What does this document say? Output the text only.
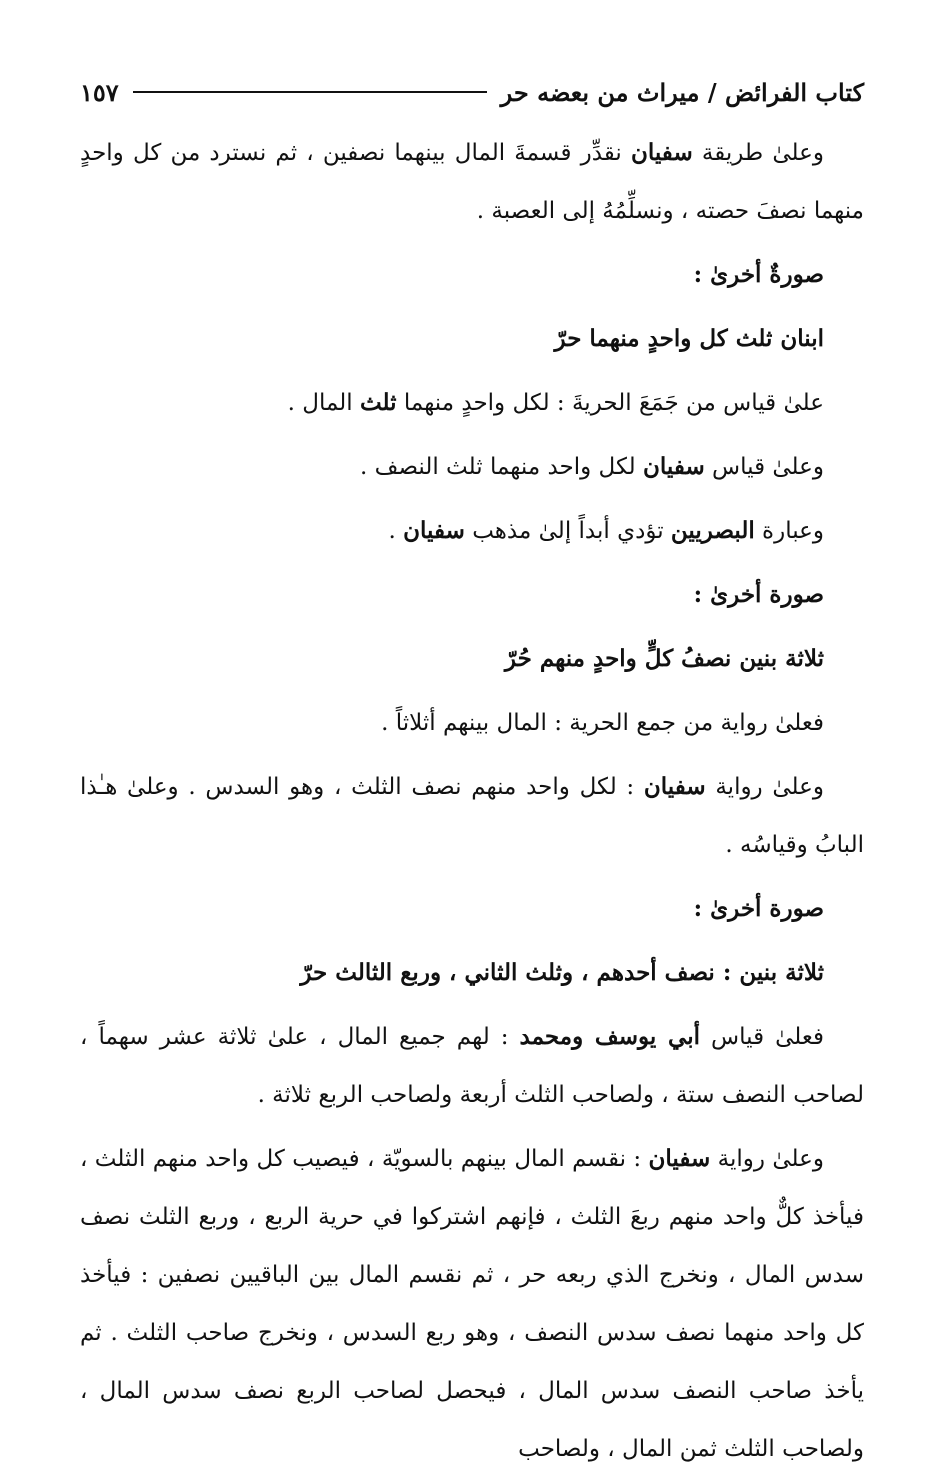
كتاب الفرائض / ميراث من بعضه حر
١٥٧

وعلىٰ طريقة سفيان نقدِّر قسمةَ المال بينهما نصفين ، ثم نسترد من كل واحدٍ منهما نصفَ حصته ، ونسلِّمُهُ إلى العصبة .

صورةٌ أخرىٰ :

ابنان ثلث كل واحدٍ منهما حرّ

علىٰ قياس من جَمَعَ الحريةَ : لكل واحدٍ منهما ثلث المال .

وعلىٰ قياس سفيان لكل واحد منهما ثلث النصف .

وعبارة البصريين تؤدي أبداً إلىٰ مذهب سفيان .

صورة أخرىٰ :

ثلاثة بنين نصفُ كلٍّ واحدٍ منهم حُرّ

فعلىٰ رواية من جمع الحرية : المال بينهم أثلاثاً .

وعلىٰ رواية سفيان : لكل واحد منهم نصف الثلث ، وهو السدس . وعلىٰ هـٰذا البابُ وقياسُه .

صورة أخرىٰ :

ثلاثة بنين : نصف أحدهم ، وثلث الثاني ، وربع الثالث حرّ

فعلىٰ قياس أبي يوسف ومحمد : لهم جميع المال ، علىٰ ثلاثة عشر سهماً ، لصاحب النصف ستة ، ولصاحب الثلث أربعة ولصاحب الربع ثلاثة .

وعلىٰ رواية سفيان : نقسم المال بينهم بالسويّة ، فيصيب كل واحد منهم الثلث ، فيأخذ كلٌّ واحد منهم ربعَ الثلث ، فإنهم اشتركوا في حرية الربع ، وربع الثلث نصف سدس المال ، ونخرج الذي ربعه حر ، ثم نقسم المال بين الباقيين نصفين : فيأخذ كل واحد منهما نصف سدس النصف ، وهو ربع السدس ، ونخرج صاحب الثلث . ثم يأخذ صاحب النصف سدس المال ، فيحصل لصاحب الربع نصف سدس المال ، ولصاحب الثلث ثمن المال ، ولصاحب
